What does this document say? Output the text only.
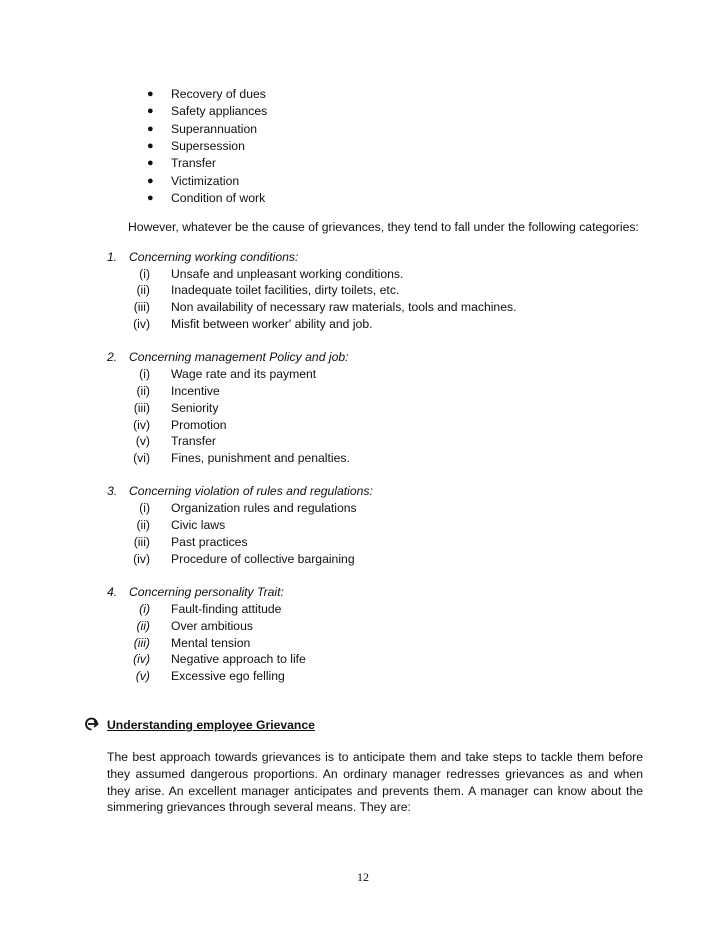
● Recovery of dues
● Safety appliances
● Superannuation
● Supersession
● Transfer
● Victimization
● Condition of work
However, whatever be the cause of grievances, they tend to fall under the following categories:
1. Concerning working conditions:
(i) Unsafe and unpleasant working conditions.
(ii) Inadequate toilet facilities, dirty toilets, etc.
(iii) Non availability of necessary raw materials, tools and machines.
(iv) Misfit between worker' ability and job.
2. Concerning management Policy and job:
(i) Wage rate and its payment
(ii) Incentive
(iii) Seniority
(iv) Promotion
(v) Transfer
(vi) Fines, punishment and penalties.
3. Concerning violation of rules and regulations:
(i) Organization rules and regulations
(ii) Civic laws
(iii) Past practices
(iv) Procedure of collective bargaining
4. Concerning personality Trait:
(i) Fault-finding attitude
(ii) Over ambitious
(iii) Mental tension
(iv) Negative approach to life
(v) Excessive ego felling
Understanding employee Grievance
The best approach towards grievances is to anticipate them and take steps to tackle them before they assumed dangerous proportions. An ordinary manager redresses grievances as and when they arise. An excellent manager anticipates and prevents them. A manager can know about the simmering grievances through several means. They are:
12
